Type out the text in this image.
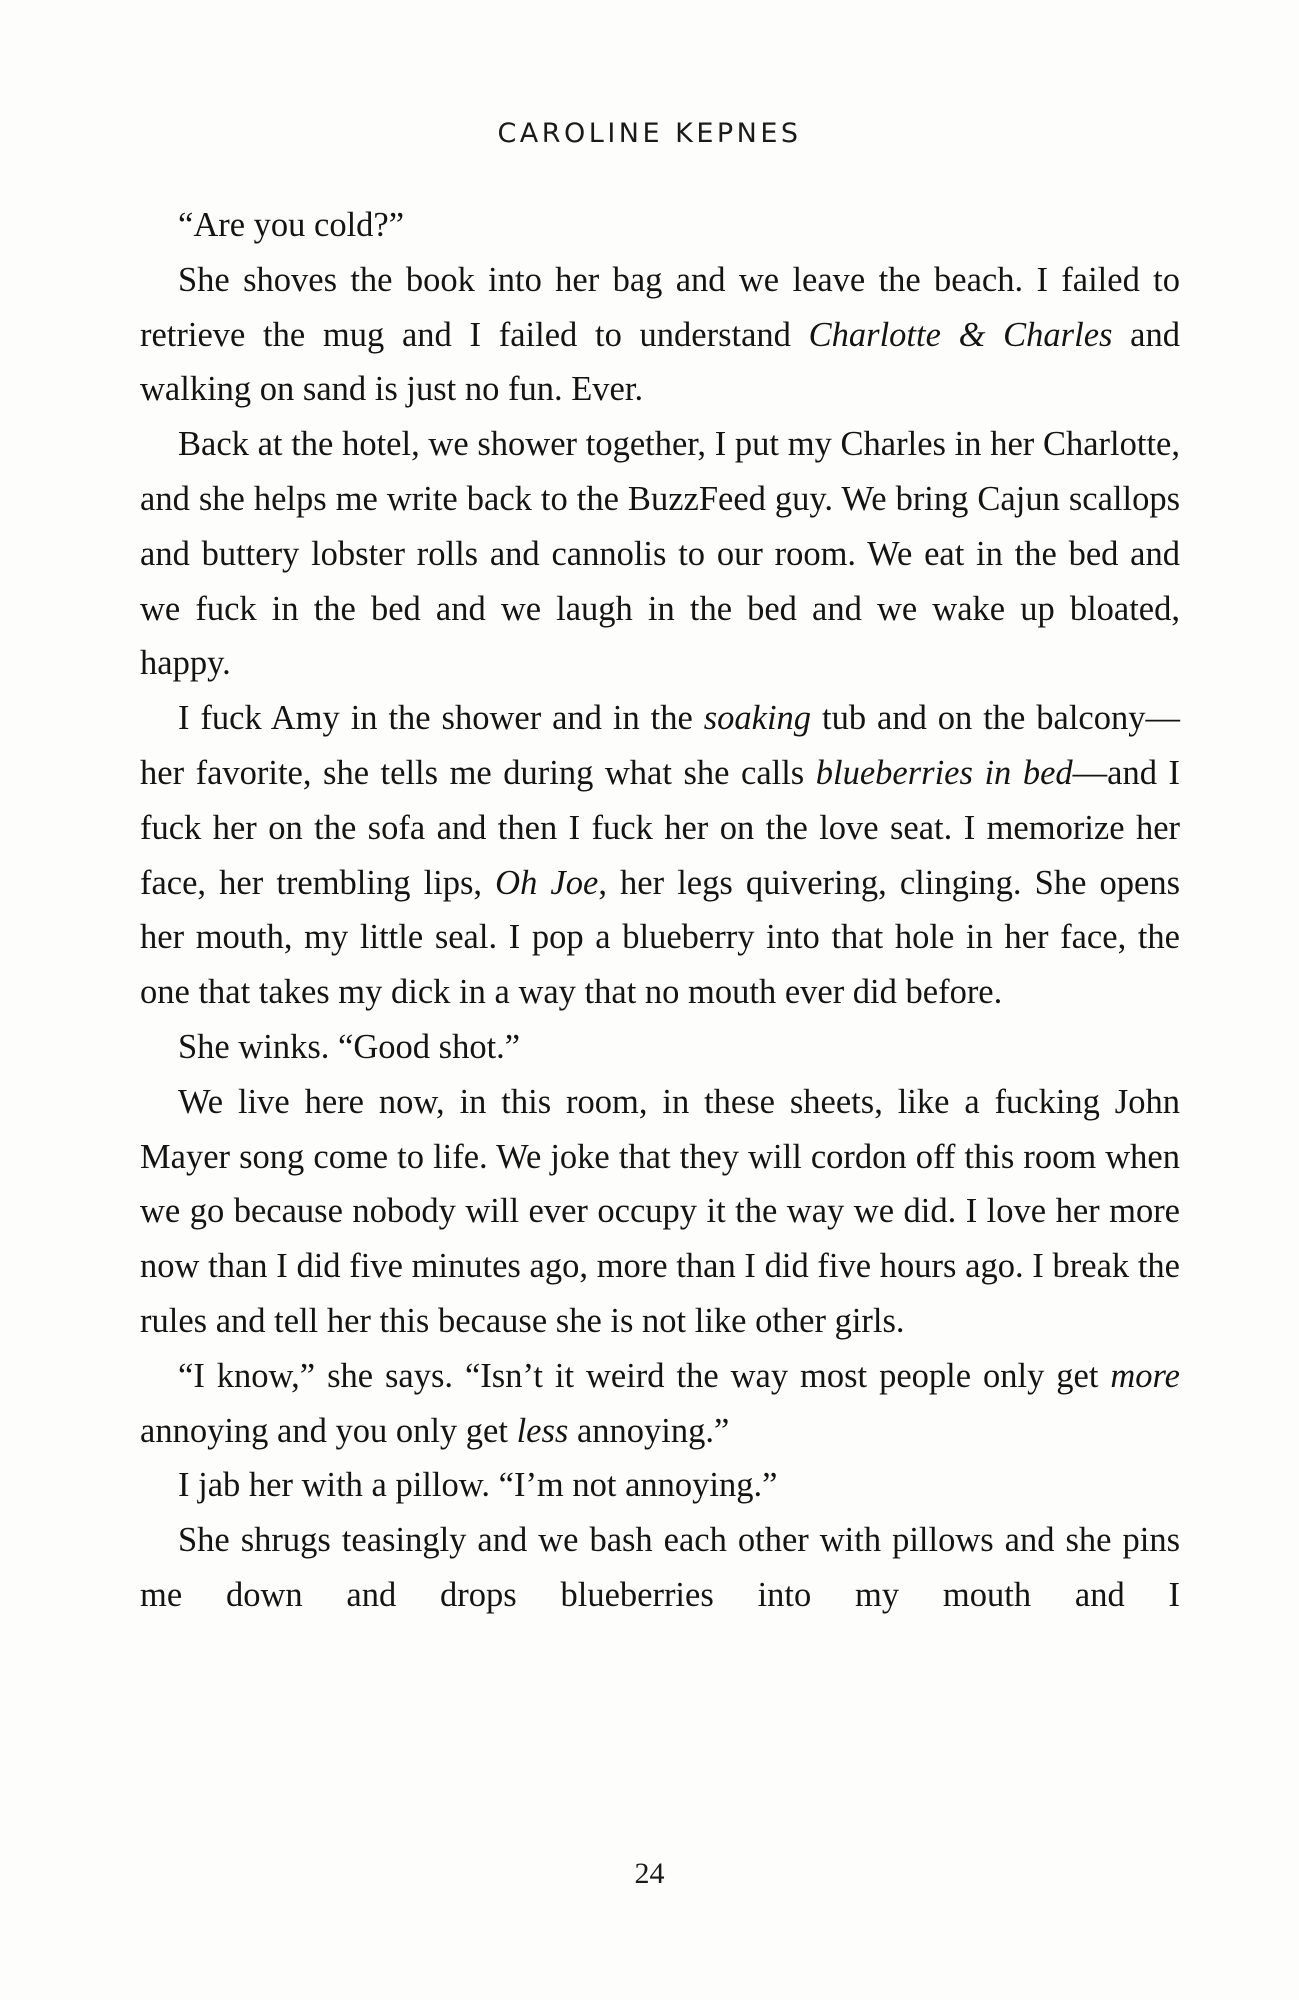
CAROLINE KEPNES

“Are you cold?”

She shoves the book into her bag and we leave the beach. I failed to retrieve the mug and I failed to understand Charlotte & Charles and walking on sand is just no fun. Ever.

Back at the hotel, we shower together, I put my Charles in her Charlotte, and she helps me write back to the BuzzFeed guy. We bring Cajun scallops and buttery lobster rolls and cannolis to our room. We eat in the bed and we fuck in the bed and we laugh in the bed and we wake up bloated, happy.

I fuck Amy in the shower and in the soaking tub and on the balcony—her favorite, she tells me during what she calls blueberries in bed—and I fuck her on the sofa and then I fuck her on the love seat. I memorize her face, her trembling lips, Oh Joe, her legs quivering, clinging. She opens her mouth, my little seal. I pop a blueberry into that hole in her face, the one that takes my dick in a way that no mouth ever did before.

She winks. “Good shot.”

We live here now, in this room, in these sheets, like a fucking John Mayer song come to life. We joke that they will cordon off this room when we go because nobody will ever occupy it the way we did. I love her more now than I did five minutes ago, more than I did five hours ago. I break the rules and tell her this because she is not like other girls.

“I know,” she says. “Isn’t it weird the way most people only get more annoying and you only get less annoying.”

I jab her with a pillow. “I’m not annoying.”

She shrugs teasingly and we bash each other with pillows and she pins me down and drops blueberries into my mouth and I

24
